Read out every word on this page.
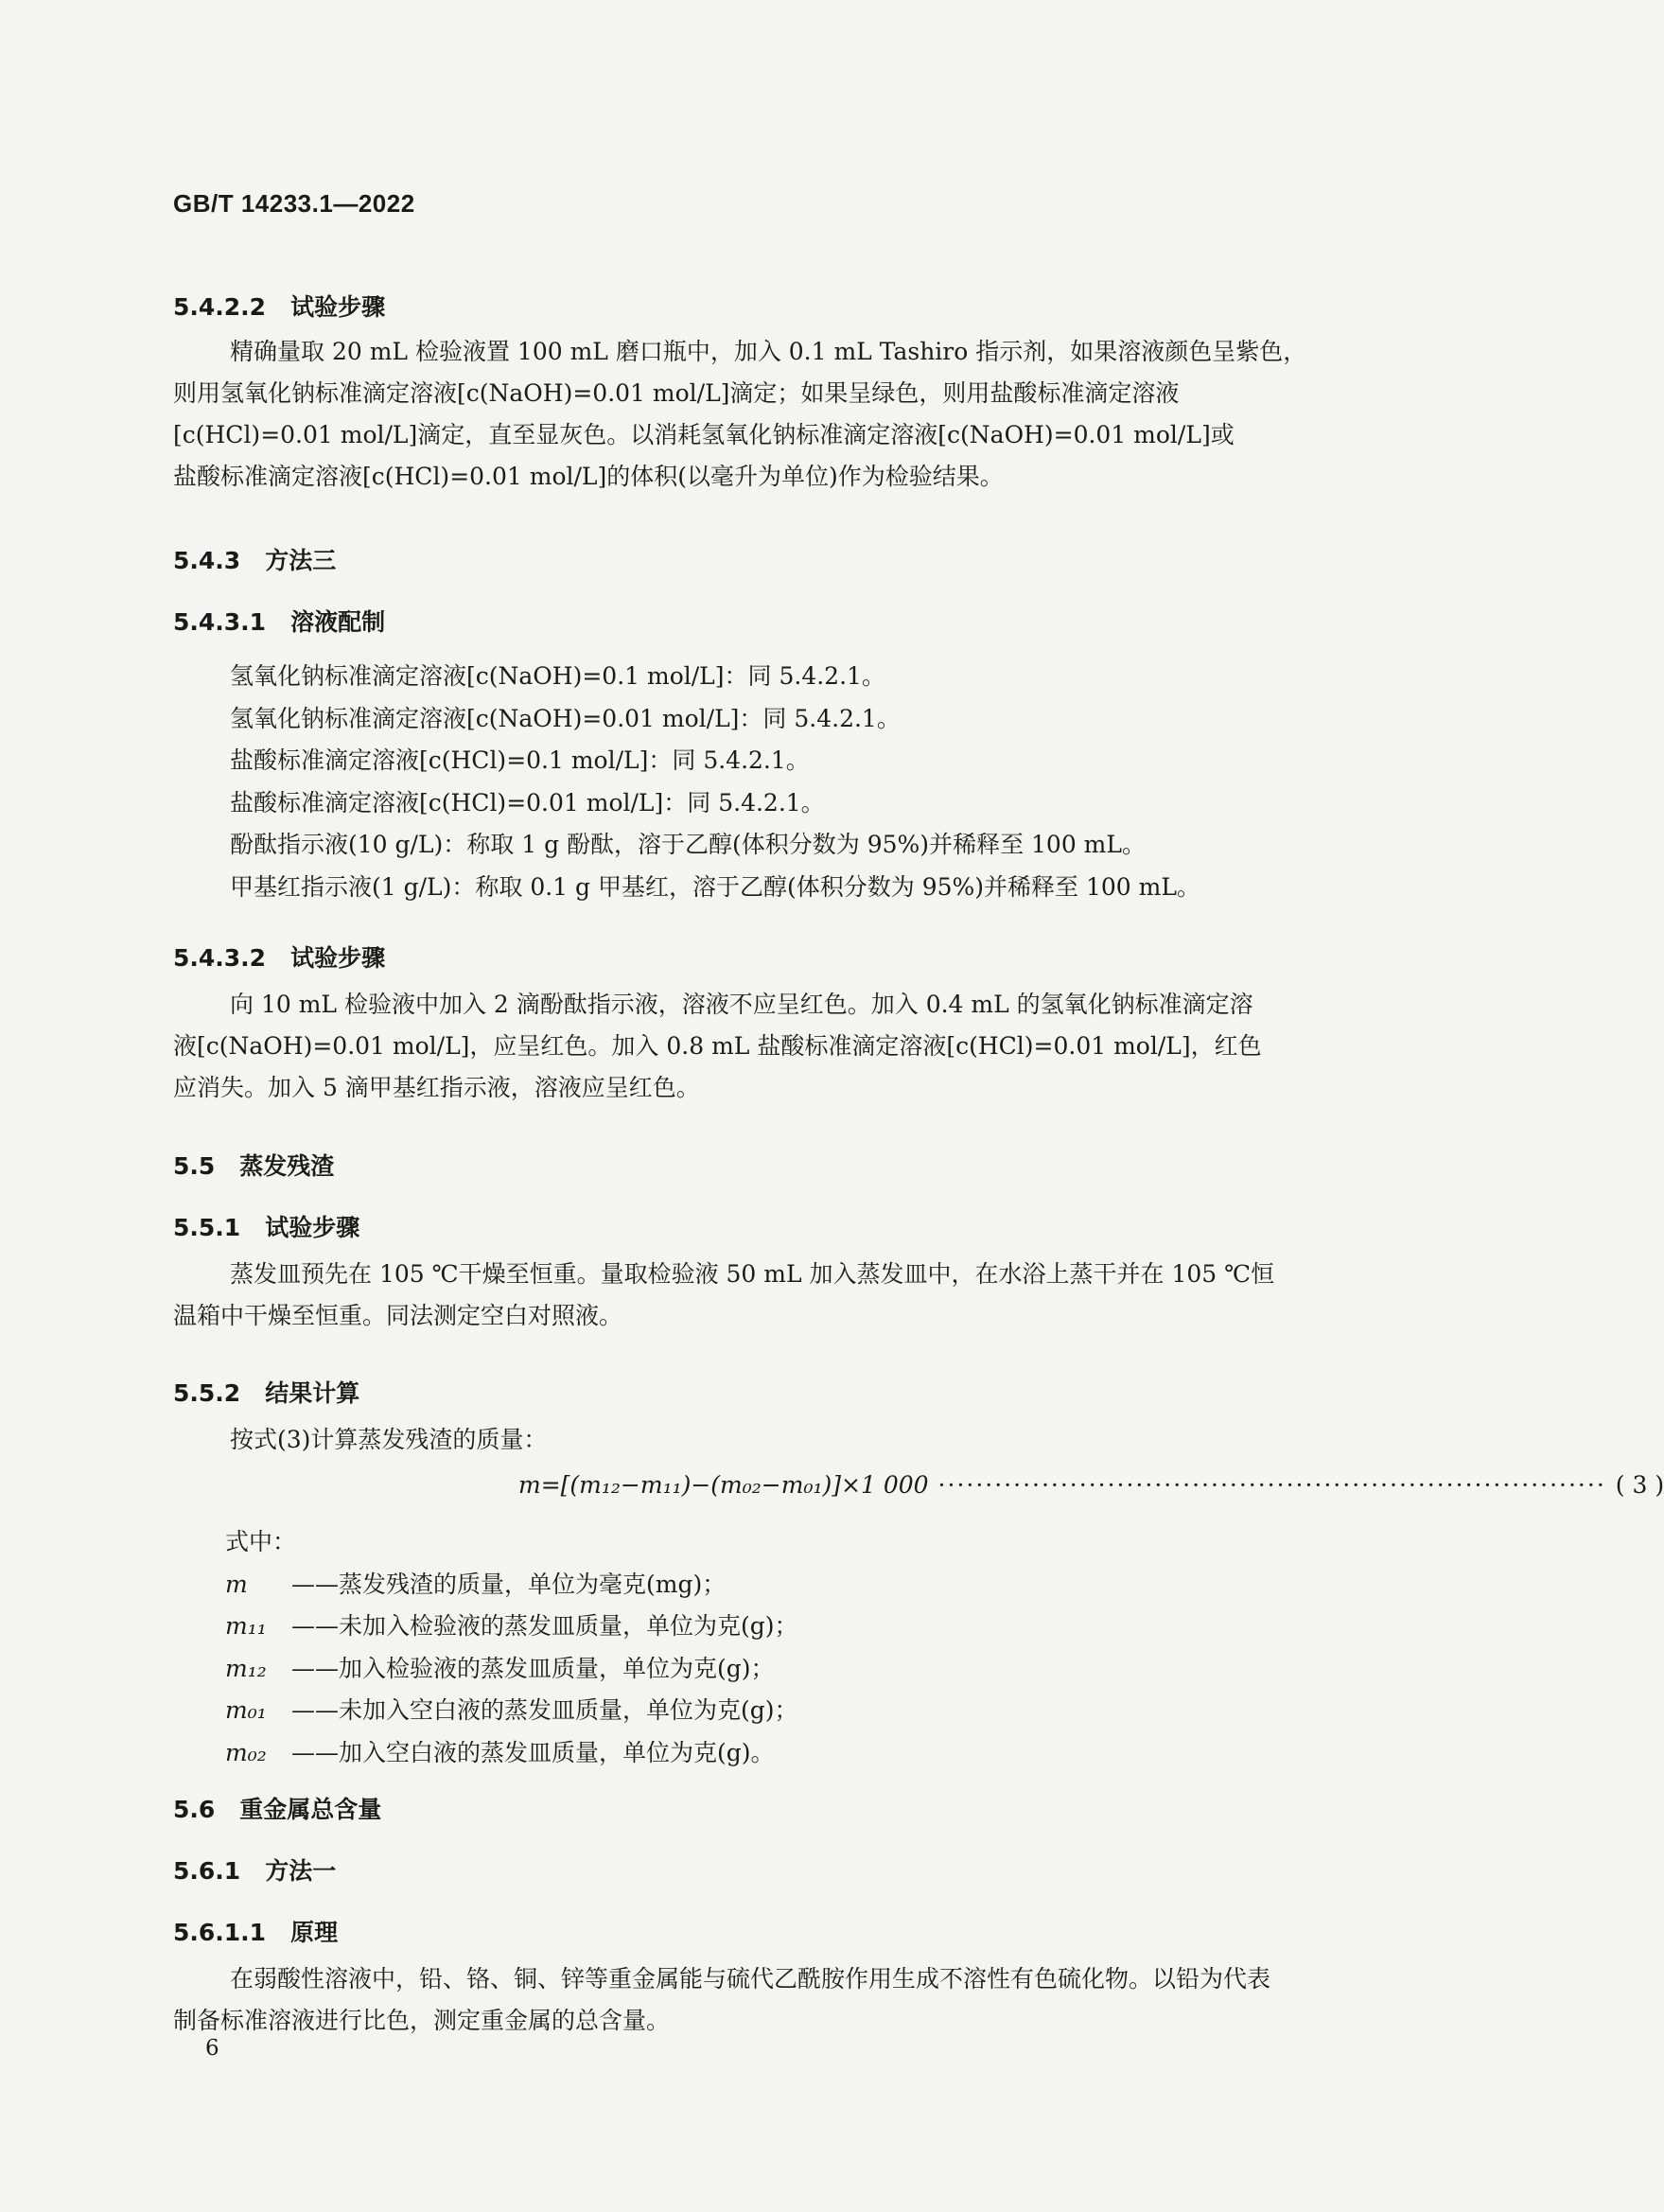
GB/T 14233.1—2022
5.4.2.2 试验步骤
精确量取 20 mL 检验液置 100 mL 磨口瓶中，加入 0.1 mL Tashiro 指示剂，如果溶液颜色呈紫色，
则用氢氧化钠标准滴定溶液[c(NaOH)=0.01 mol/L]滴定；如果呈绿色，则用盐酸标准滴定溶液
[c(HCl)=0.01 mol/L]滴定，直至显灰色。以消耗氢氧化钠标准滴定溶液[c(NaOH)=0.01 mol/L]或
盐酸标准滴定溶液[c(HCl)=0.01 mol/L]的体积(以毫升为单位)作为检验结果。
5.4.3 方法三
5.4.3.1 溶液配制
氢氧化钠标准滴定溶液[c(NaOH)=0.1 mol/L]：同 5.4.2.1。
氢氧化钠标准滴定溶液[c(NaOH)=0.01 mol/L]：同 5.4.2.1。
盐酸标准滴定溶液[c(HCl)=0.1 mol/L]：同 5.4.2.1。
盐酸标准滴定溶液[c(HCl)=0.01 mol/L]：同 5.4.2.1。
酚酞指示液(10 g/L)：称取 1 g 酚酞，溶于乙醇(体积分数为 95%)并稀释至 100 mL。
甲基红指示液(1 g/L)：称取 0.1 g 甲基红，溶于乙醇(体积分数为 95%)并稀释至 100 mL。
5.4.3.2 试验步骤
向 10 mL 检验液中加入 2 滴酚酞指示液，溶液不应呈红色。加入 0.4 mL 的氢氧化钠标准滴定溶
液[c(NaOH)=0.01 mol/L]，应呈红色。加入 0.8 mL 盐酸标准滴定溶液[c(HCl)=0.01 mol/L]，红色
应消失。加入 5 滴甲基红指示液，溶液应呈红色。
5.5 蒸发残渣
5.5.1 试验步骤
蒸发皿预先在 105 ℃干燥至恒重。量取检验液 50 mL 加入蒸发皿中，在水浴上蒸干并在 105 ℃恒
温箱中干燥至恒重。同法测定空白对照液。
5.5.2 结果计算
按式(3)计算蒸发残渣的质量：
m=[(m₁₂−m₁₁)−(m₀₂−m₀₁)]×1 000 ······································································· ( 3 )
式中：
m	——蒸发残渣的质量，单位为毫克(mg)；
m₁₁	——未加入检验液的蒸发皿质量，单位为克(g)；
m₁₂	——加入检验液的蒸发皿质量，单位为克(g)；
m₀₁	——未加入空白液的蒸发皿质量，单位为克(g)；
m₀₂	——加入空白液的蒸发皿质量，单位为克(g)。
5.6 重金属总含量
5.6.1 方法一
5.6.1.1 原理
在弱酸性溶液中，铅、铬、铜、锌等重金属能与硫代乙酰胺作用生成不溶性有色硫化物。以铅为代表
制备标准溶液进行比色，测定重金属的总含量。
6
